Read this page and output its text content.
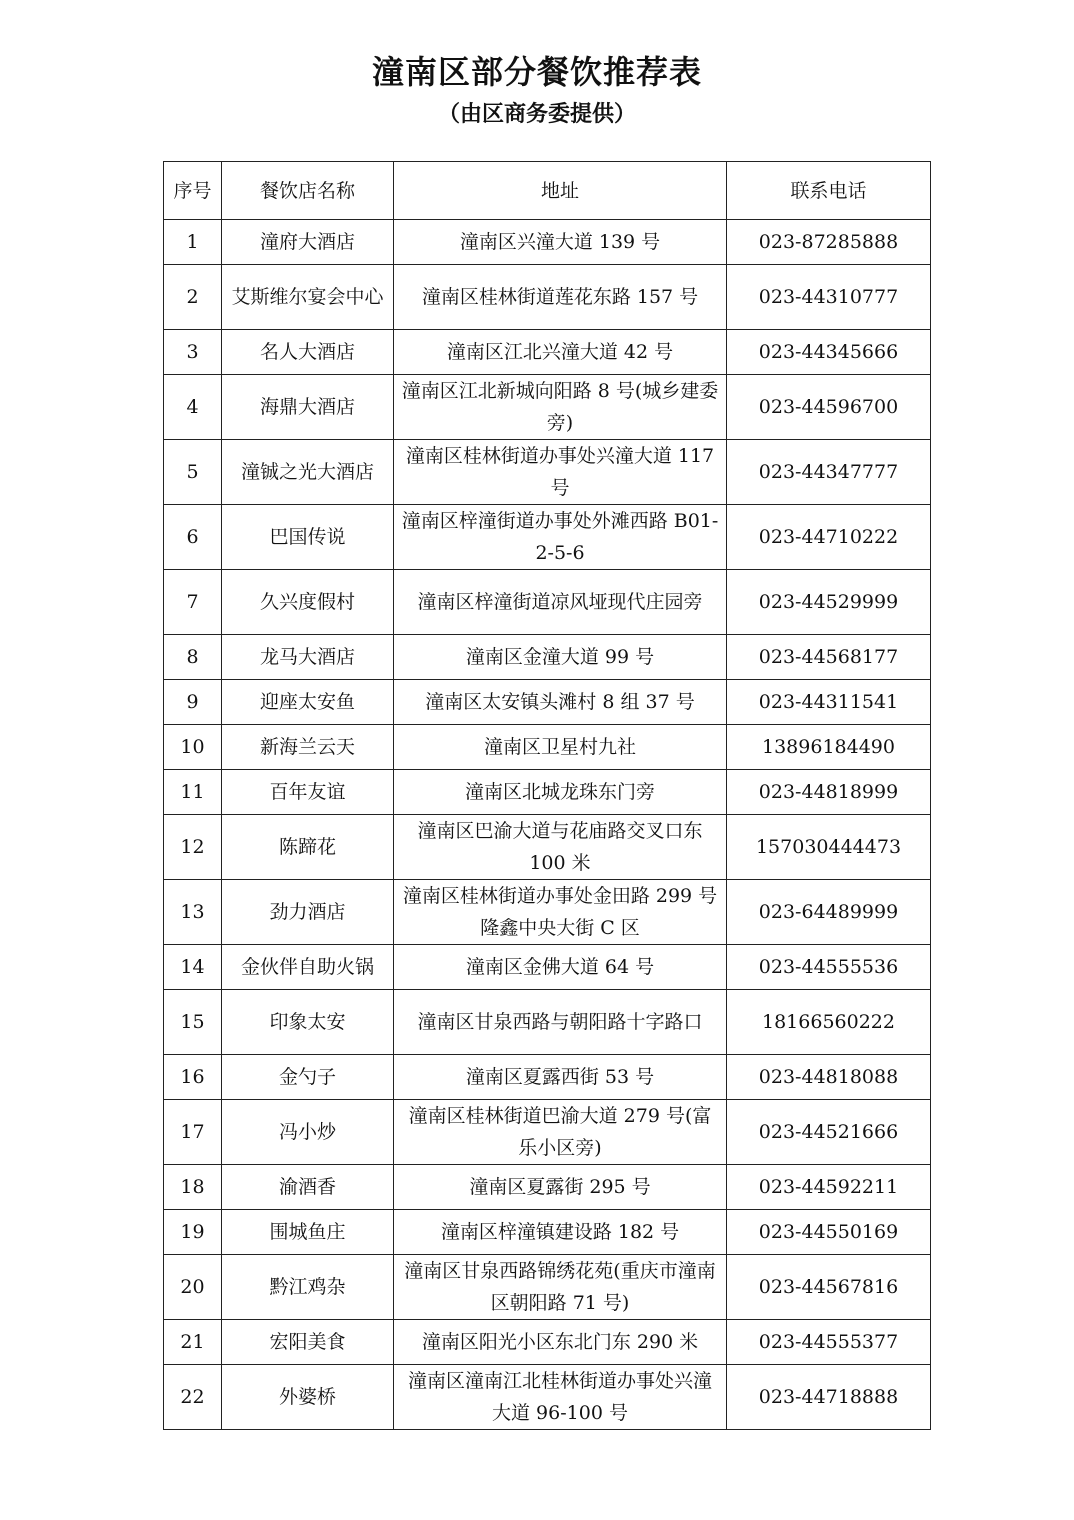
潼南区部分餐饮推荐表
（由区商务委提供）
序号	餐饮店名称	地址	联系电话
1	潼府大酒店	潼南区兴潼大道 139 号	023-87285888
2	艾斯维尔宴会中心	潼南区桂林街道莲花东路 157 号	023-44310777
3	名人大酒店	潼南区江北兴潼大道 42 号	023-44345666
4	海鼎大酒店	潼南区江北新城向阳路 8 号(城乡建委旁)	023-44596700
5	潼铖之光大酒店	潼南区桂林街道办事处兴潼大道 117 号	023-44347777
6	巴国传说	潼南区梓潼街道办事处外滩西路 B01-2-5-6	023-44710222
7	久兴度假村	潼南区梓潼街道凉风垭现代庄园旁	023-44529999
8	龙马大酒店	潼南区金潼大道 99 号	023-44568177
9	迎座太安鱼	潼南区太安镇头滩村 8 组 37 号	023-44311541
10	新海兰云天	潼南区卫星村九社	13896184490
11	百年友谊	潼南区北城龙珠东门旁	023-44818999
12	陈蹄花	潼南区巴渝大道与花庙路交叉口东 100 米	157030444473
13	劲力酒店	潼南区桂林街道办事处金田路 299 号隆鑫中央大街 C 区	023-64489999
14	金伙伴自助火锅	潼南区金佛大道 64 号	023-44555536
15	印象太安	潼南区甘泉西路与朝阳路十字路口	18166560222
16	金勺子	潼南区夏露西街 53 号	023-44818088
17	冯小炒	潼南区桂林街道巴渝大道 279 号(富乐小区旁)	023-44521666
18	渝酒香	潼南区夏露街 295 号	023-44592211
19	围城鱼庄	潼南区梓潼镇建设路 182 号	023-44550169
20	黔江鸡杂	潼南区甘泉西路锦绣花苑(重庆市潼南区朝阳路 71 号)	023-44567816
21	宏阳美食	潼南区阳光小区东北门东 290 米	023-44555377
22	外婆桥	潼南区潼南江北桂林街道办事处兴潼大道 96-100 号	023-44718888
